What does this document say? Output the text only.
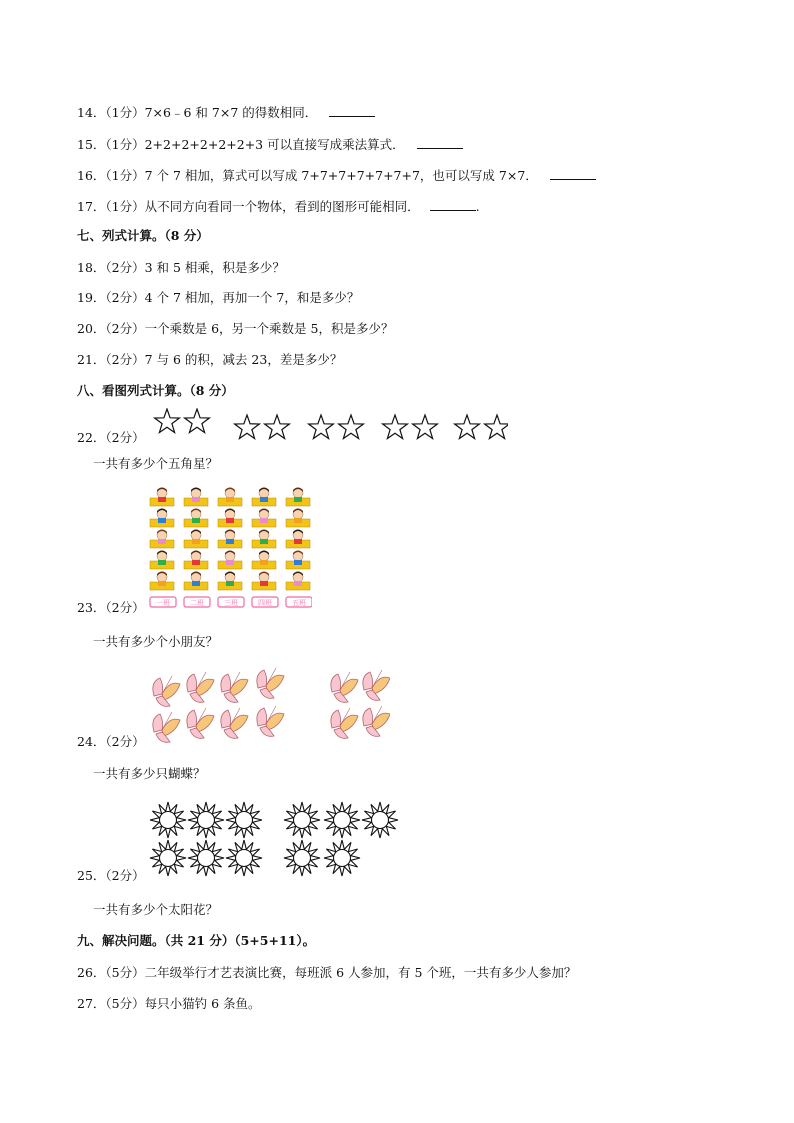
14．（1分）7×6﹣6 和 7×7 的得数相同．
15．（1分）2+2+2+2+2+2+3 可以直接写成乘法算式．
16．（1分）7 个 7 相加，算式可以写成 7+7+7+7+7+7+7，也可以写成 7×7．
17．（1分）从不同方向看同一个物体，看到的图形可能相同．	.
七、列式计算。（8 分）
18．（2分）3 和 5 相乘，积是多少？
19．（2分）4 个 7 相加，再加一个 7，和是多少？
20．（2分）一个乘数是 6，另一个乘数是 5，积是多少？
21．（2分）7 与 6 的积，减去 23，差是多少？
八、看图列式计算。（8 分）
22．（2分）
一共有多少个五角星？
一班	二班	三班	四班	五班
23．（2分）
一共有多少个小朋友？
24．（2分）
一共有多少只蝴蝶？
25．（2分）
一共有多少个太阳花？
九、解决问题。（共 21 分）（5+5+11）。
26．（5分）二年级举行才艺表演比赛，每班派 6 人参加，有 5 个班，一共有多少人参加？
27．（5分）每只小猫钓 6 条鱼。
